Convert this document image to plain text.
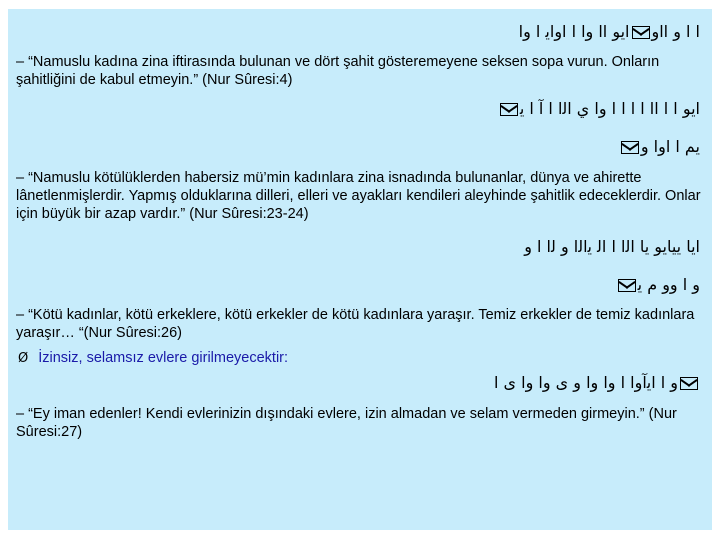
ﺍ ﺍ ﻭ ﺍﺍﻭﺍﻳﻮ ﺍﺍ ﻭﺍ ﺍ ﺍﻭﺍﻳ ﺍ ﻭﺍ
– “Namuslu kadına zina iftirasında bulunan ve dört şahit gösteremeyene seksen sopa vurun. Onların şahitliğini de kabul etmeyin.” (Nur Sûresi:4)
ﺍﻳﻮ ﺍ ﺍ ﺍﺍ ﺍ ﺍ ﺍ ﺍ ﻭﺍ ﻱ ﺍﻟﺍ ﺍ ﺁ ﺍ ﻳ
ﻳﻢ ﺍ ﺍﻭﺍ ﻭ
– “Namuslu kötülüklerden habersiz mü’min kadınlara zina isnadında bulunanlar, dünya ve ahirette lânetlenmişlerdir. Yapmış olduklarına dilleri, elleri ve ayakları kendileri aleyhinde şahitlik edeceklerdir. Onlar için büyük bir azap vardır.” (Nur Sûresi:23-24)
ﺍﻳﺎ ﻳﻴﺎﻳﻮ ﻳﺎ ﺍﻟﺍ ﺍ ﺍﻟ ﻳﺍﻟﺍ ﻭ ﻟﺍ ﺍ ﻭ
ﻭ ﺍ ﻭﻭ ﻡ ﻳ
– “Kötü kadınlar, kötü erkeklere, kötü erkekler de kötü kadınlara yaraşır. Temiz erkekler de temiz kadınlara yaraşır… “(Nur Sûresi:26)
Ø İzinsiz, selamsız evlere girilmeyecektir:
ﻭ ﺍ ﺍﻳﺁﻭﺍ ﺍ ﻭﺍ ﻭﺍ ﻭ ﻯ ﻭﺍ ﻭﺍ ﻯ ﺍ
– “Ey iman edenler! Kendi evlerinizin dışındaki evlere, izin almadan ve selam vermeden girmeyin.” (Nur Sûresi:27)
